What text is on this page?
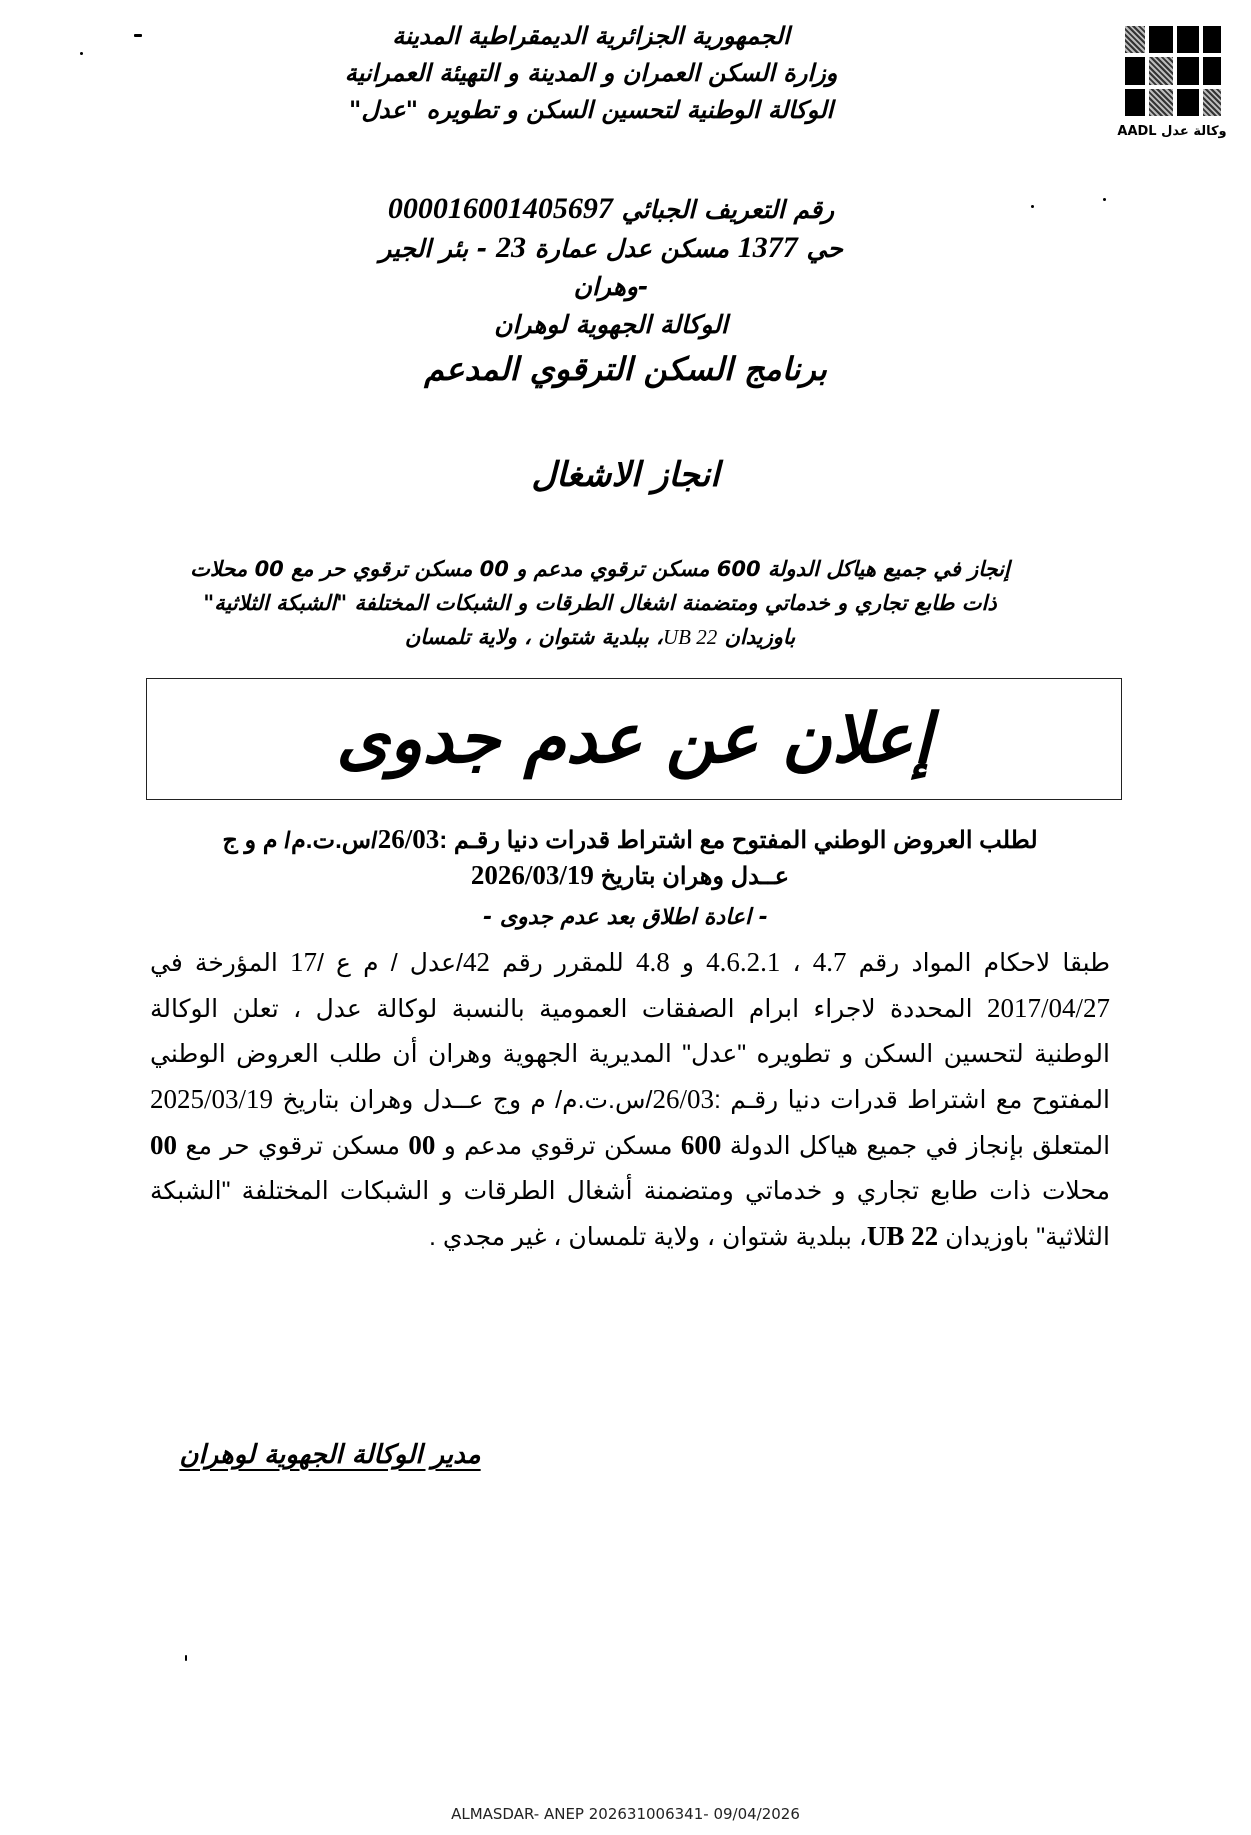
الجمهورية الجزائرية الديمقراطية المدينة
وزارة السكن العمران و المدينة و التهيئة العمرانية
الوكالة الوطنية لتحسين السكن و تطويره "عدل"
وكالة عدل AADL
رقم التعريف الجبائي 000016001405697
حي 1377 مسكن عدل عمارة 23 - بئر الجير -وهران
الوكالة الجهوية لوهران
برنامج السكن الترقوي المدعم
انجاز الاشغال
إنجاز في جميع هياكل الدولة 600 مسكن ترقوي مدعم و 00 مسكن ترقوي حر مع 00 محلات
ذات طابع تجاري و خدماتي ومتضمنة اشغال الطرقات و الشبكات المختلفة "الشبكة الثلاثية"
باوزيدان UB 22، ببلدية شتوان ، ولاية تلمسان
إعلان عن عدم جدوى
لطلب العروض الوطني المفتوح مع اشتراط قدرات دنيا رقـم :26/03/س.ت.م/ م و ج
عــدل وهران بتاريخ 2026/03/19
- اعادة اطلاق بعد عدم جدوى -
طبقا لاحكام المواد رقم 4.7 ، 4.6.2.1 و 4.8 للمقرر رقم 42/عدل / م ع /17 المؤرخة في 2017/04/27 المحددة لاجراء ابرام الصفقات العمومية بالنسبة لوكالة عدل ، تعلن الوكالة الوطنية لتحسين السكن و تطويره "عدل" المديرية الجهوية وهران أن طلب العروض الوطني المفتوح مع اشتراط قدرات دنيا رقـم :26/03/س.ت.م/ م وج عــدل وهران بتاريخ 2025/03/19 المتعلق بإنجاز في جميع هياكل الدولة 600 مسكن ترقوي مدعم و 00 مسكن ترقوي حر مع 00 محلات ذات طابع تجاري و خدماتي ومتضمنة أشغال الطرقات و الشبكات المختلفة "الشبكة الثلاثية" باوزيدان UB 22، ببلدية شتوان ، ولاية تلمسان ، غير مجدي .
مدير الوكالة الجهوية لوهران
ALMASDAR- ANEP 202631006341- 09/04/2026
